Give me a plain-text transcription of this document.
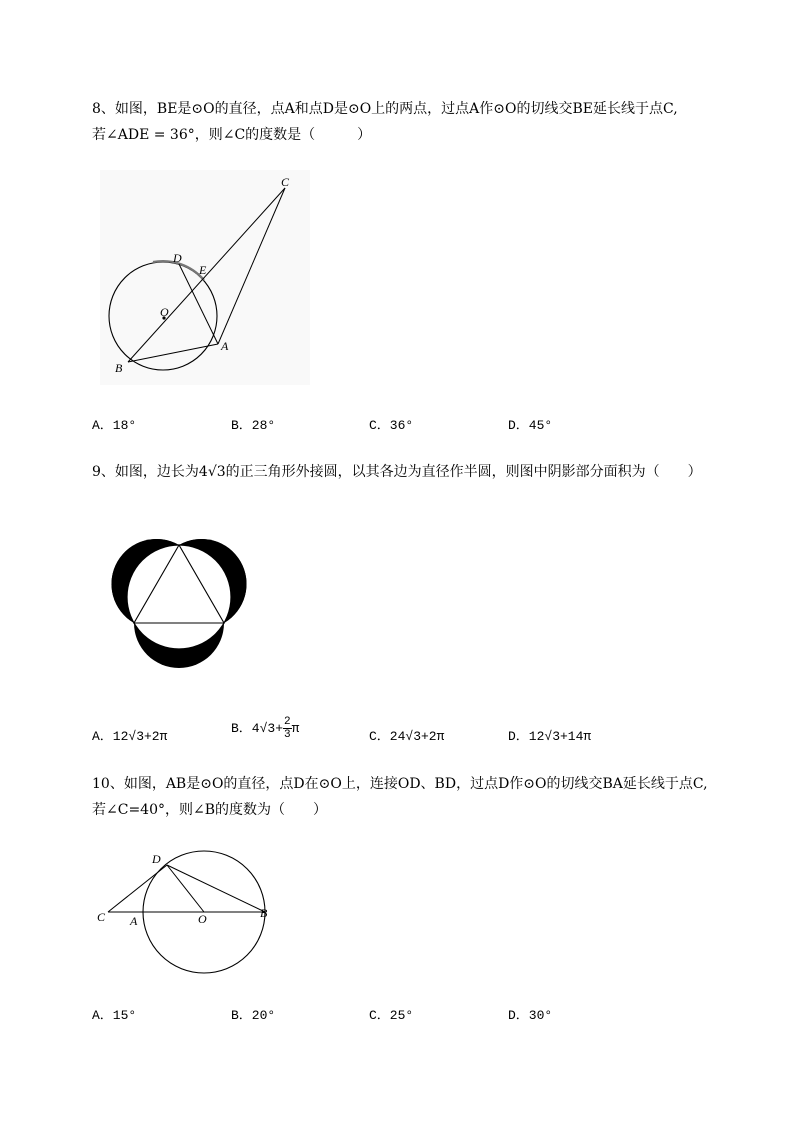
8、如图，BE是⊙O的直径，点A和点D是⊙O上的两点，过点A作⊙O的切线交BE延长线于点C,
若∠ADE = 36°，则∠C的度数是（　　　）
C
D
E
O
A
B
A．18°	B．28°	C．36°	D．45°
9、如图，边长为4√3的正三角形外接圆，以其各边为直径作半圆，则图中阴影部分面积为（　　）
A．12√3+2π
B．$4√3+ \frac{2}{3}$ π
C．24√3+2π	D．12√3+14π
10、如图，AB是⊙O的直径，点D在⊙O上，连接OD、BD，过点D作⊙O的切线交BA延长线于点C,
若∠C=40°，则∠B的度数为（　　）
D
C A	O	B
A．15°	B．20°	C．25°	D．30°
